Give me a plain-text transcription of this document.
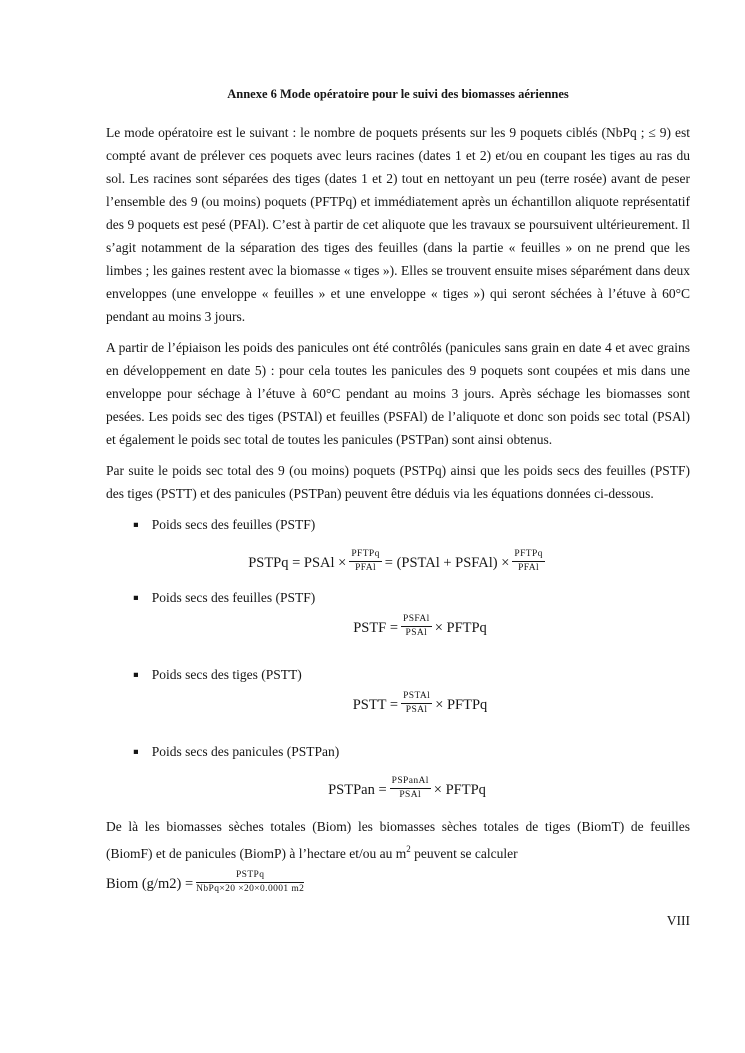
Annexe 6 Mode opératoire pour le suivi des biomasses aériennes

Le mode opératoire est le suivant : le nombre de poquets présents sur les 9 poquets ciblés (NbPq ; ≤ 9) est compté avant de prélever ces poquets avec leurs racines (dates 1 et 2) et/ou en coupant les tiges au ras du sol. Les racines sont séparées des tiges (dates 1 et 2) tout en nettoyant un peu (terre rosée) avant de peser l’ensemble des 9 (ou moins) poquets (PFTPq) et immédiatement après un échantillon aliquote représentatif des 9 poquets est pesé (PFAl). C’est à partir de cet aliquote que les travaux se poursuivent ultérieurement. Il s’agit notamment de la séparation des tiges des feuilles (dans la partie « feuilles » on ne prend que les limbes ; les gaines restent avec la biomasse « tiges »). Elles se trouvent ensuite mises séparément dans deux enveloppes (une enveloppe « feuilles » et une enveloppe « tiges ») qui seront séchées à l’étuve à 60°C pendant au moins 3 jours.

A partir de l’épiaison les poids des panicules ont été contrôlés (panicules sans grain en date 4 et avec grains en développement en date 5) : pour cela toutes les panicules des 9 poquets sont coupées et mis dans une enveloppe pour séchage à l’étuve à 60°C pendant au moins 3 jours. Après séchage les biomasses sont pesées. Les poids sec des tiges (PSTAl) et feuilles (PSFAl) de l’aliquote et donc son poids sec total (PSAl) et également le poids sec total de toutes les panicules (PSTPan) sont ainsi obtenus.

Par suite le poids sec total des 9 (ou moins) poquets (PSTPq) ainsi que les poids secs des feuilles (PSTF) des tiges (PSTT) et des panicules (PSTPan) peuvent être déduis via les équations données ci-dessous.

▪ Poids secs des feuilles (PSTF)
PSTPq = PSAl × $\frac{\text{PFTPq}}{\text{PFAl}}$ = (PSTAl + PSFAl) × $\frac{\text{PFTPq}}{\text{PFAl}}$
▪ Poids secs des feuilles (PSTF)
PSTF = $\frac{\text{PSFAl}}{\text{PSAl}}$ × PFTPq
▪ Poids secs des tiges (PSTT)
PSTT = $\frac{\text{PSTAl}}{\text{PSAl}}$ × PFTPq
▪ Poids secs des panicules (PSTPan)
PSTPan = $\frac{\text{PSPanAl}}{\text{PSAl}}$ × PFTPq

De là les biomasses sèches totales (Biom) les biomasses sèches totales de tiges (BiomT) de feuilles (BiomF) et de panicules (BiomP) à l’hectare et/ou au $m^2$ peuvent se calculer

Biom $(g/m2) = \frac{\text{PSTPq}}{\text{NbPq×20 ×20×0.0001 m2}}$
VIII
